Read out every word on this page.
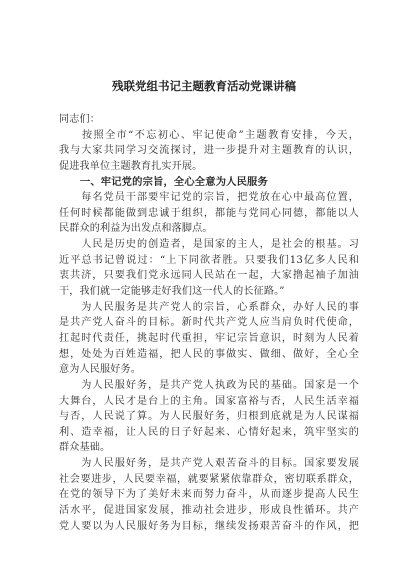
残联党组书记主题教育活动党课讲稿
同志们：
　　按照全市“不忘初心、牢记使命”主题教育安排，今天，
我与大家共同学习交流探讨，进一步提升对主题教育的认识，
促进我单位主题教育扎实开展。
　　一、牢记党的宗旨，全心全意为人民服务
　　每名党员干部要牢记党的宗旨，把党放在心中最高位置，
任何时候都能做到忠诚于组织，都能与党同心同德，都能以人
民群众的利益为出发点和落脚点。
　　人民是历史的创造者，是国家的主人，是社会的根基。习
近平总书记曾说过：“上下同欲者胜。只要我们13亿多人民和
衷共济，只要我们党永远同人民站在一起，大家撸起袖子加油
干，我们就一定能够走好我们这一代人的长征路。”
　　为人民服务是共产党人的宗旨，心系群众，办好人民的事
是共产党人奋斗的目标。新时代共产党人应当肩负时代使命，
扛起时代责任，挑起时代重担，牢记宗旨意识，时刻为人民着
想，处处为百姓造福，把人民的事做实、做细、做好，全心全
意为人民服好务。
　　为人民服好务，是共产党人执政为民的基础。国家是一个
大舞台，人民才是台上的主角。国家富裕与否，人民生活幸福
与否，人民说了算。为人民服好务，归根到底就是为人民谋福
利、造幸福，让人民的日子好起来、心情好起来，筑牢坚实的
群众基础。
　　为人民服好务，是共产党人艰苦奋斗的目标。国家要发展
社会要进步，人民要幸福，就要紧紧依靠群众，密切联系群众，
在党的领导下为了美好未来而努力奋斗，从而逐步提高人民生
活水平，促进国家发展，推动社会进步，形成良性循环。共产
党人要以为人民服好务为目标，继续发扬艰苦奋斗的作风，把
